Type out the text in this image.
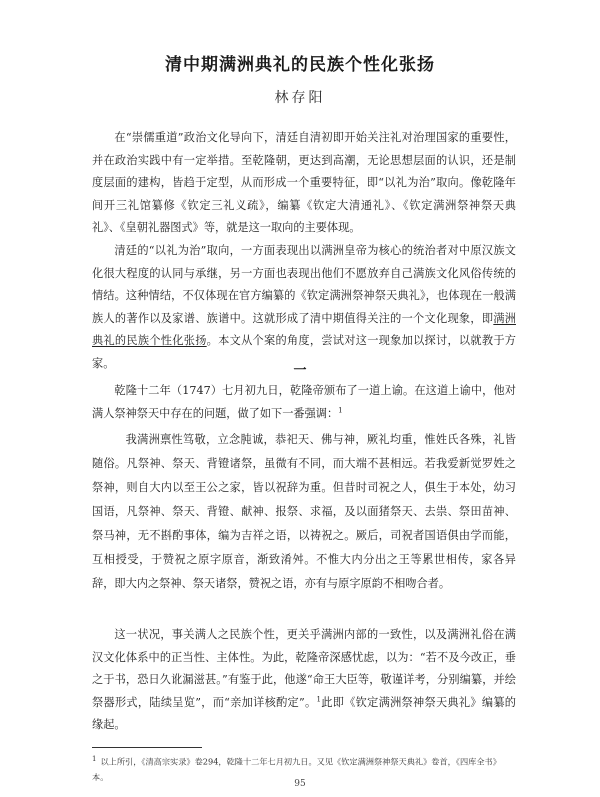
清中期满洲典礼的民族个性化张扬
林存阳

在“崇儒重道”政治文化导向下，清廷自清初即开始关注礼对治理国家的重要性，并在政治实践中有一定举措。至乾隆朝，更达到高潮，无论思想层面的认识，还是制度层面的建构，皆趋于定型，从而形成一个重要特征，即“以礼为治”取向。像乾隆年间开三礼馆纂修《钦定三礼义疏》，编纂《钦定大清通礼》、《钦定满洲祭神祭天典礼》、《皇朝礼器图式》等，就是这一取向的主要体现。

清廷的“以礼为治”取向，一方面表现出以满洲皇帝为核心的统治者对中原汉族文化很大程度的认同与承继，另一方面也表现出他们不愿放弃自己满族文化风俗传统的情结。这种情结，不仅体现在官方编纂的《钦定满洲祭神祭天典礼》，也体现在一般满族人的著作以及家谱、族谱中。这就形成了清中期值得关注的一个文化现象，即满洲典礼的民族个性化张扬。本文从个案的角度，尝试对这一现象加以探讨，以就教于方家。	一

乾隆十二年（1747）七月初九日，乾隆帝颁布了一道上谕。在这道上谕中，他对满人祭神祭天中存在的问题，做了如下一番强调：$^1$

我满洲禀性笃敬，立念肫诚，恭祀天、佛与神，厥礼均重，惟姓氏各殊，礼皆随俗。凡祭神、祭天、背镫诸祭，虽微有不同，而大端不甚相远。若我爱新觉罗姓之祭神，则自大内以至王公之家，皆以祝辞为重。但昔时司祝之人，俱生于本处，幼习国语，凡祭神、祭天、背镫、献神、报祭、求福，及以面猪祭天、去祟、祭田苗神、祭马神，无不斟酌事体，编为吉祥之语，以祷祝之。厥后，司祝者国语俱由学而能，互相授受，于赞祝之原字原音，渐致淆舛。不惟大内分出之王等累世相传，家各异辞，即大内之祭神、祭天诸祭，赞祝之语，亦有与原字原韵不相吻合者。

这一状况，事关满人之民族个性，更关乎满洲内部的一致性，以及满洲礼俗在满汉文化体系中的正当性、主体性。为此，乾隆帝深感忧虑，以为：“若不及今改正，垂之于书，恐日久讹漏滋甚。”有鉴于此，他遂“命王大臣等，敬谨详考，分别编纂，并绘祭器形式，陆续呈览”，而“亲加详核酌定”。$^1$此即《钦定满洲祭神祭天典礼》编纂的缘起。

1 以上所引，《清高宗实录》卷294，乾隆十二年七月初九日。又见《钦定满洲祭神祭天典礼》卷首，《四库全书》本。

95
